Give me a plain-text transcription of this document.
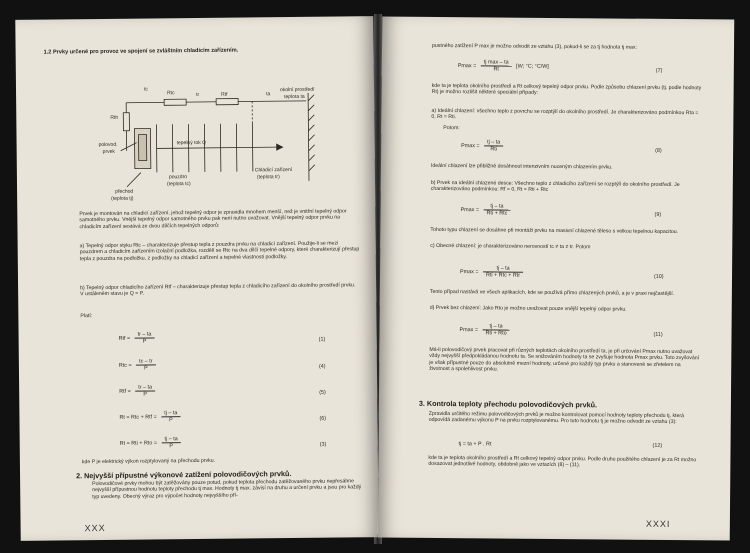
1.2 Prvky určené pro provoz ve spojení se zvláštním chladicím zařízením.
tc
Rtc	tr	Rtf	ta
okolní prostředí
teplota ta
Rth
polovod.
prvek
tepelný tok Q
pouzdro
(teplota tc)
Chladicí zařízení
(teplota tr)
přechod
(teplota tj)
Prvek je montován na chladicí zařízení, jehož tepelný odpor je zpravidla mnohem menší, než je vnitřní tepelný odpor samotného prvku. Vnější tepelný odpor samotného prvku pak není nutno uvažovat. Vnější tepelný odpor prvku na chladicím zařízení sestává ze dvou dílčích tepelných odporů:
a) Tepelný odpor styku Rtc – charakterizuje přestup tepla z pouzdra prvku na chladicí zařízení. Použije-li se mezi pouzdrem a chladicím zařízením izolační podložka, rozdělí se Rtc na dva dílčí tepelné odpory, které charakterizují přestup tepla z pouzdra na podložku, z podložky na chladicí zařízení a tepelné vlastnosti podložky.
b) Tepelný odpor chladicího zařízení Rtf – charakterizuje přestup tepla z chladicího zařízení do okolního prostředí prvku. V ustáleném stavu je Q = P.
Platí:
Rtf = $\frac{tr - ta}{P}$	(1)
Rtc = $\frac{tc - tr}{P}$	(4)
Rtf = $\frac{tr - ta}{P}$	(5)
Rt = Rtc + Rtf = $\frac{tj - ta}{P}$	(6)
Rt = Rti + Rto = $\frac{tj - ta}{P}$	(3)
kde P je elektrický výkon rozptylovaný na přechodu prvku.
2. Nejvyšší přípustné výkonové zatížení polovodičových prvků.
Polovodičové prvky mohou být zatěžovány pouze potud, pokud teplota přechodu zatěžovaného prvku nepřesáhne nejvyšší přípustnou hodnotu teploty přechodu tj max. Hodnoty tj max. závisí na druhu a určení prvku a jsou pro každý typ uvedeny. Obecný výraz pro výpočet hodnoty nejvyššího pří-
XXX
pustného zatížení P max je možno odvodit ze vztahu (3), pokud-li se za tj hodnota tj max:
$Pmax = \frac{\text{tj max – ta}}{Rt} [W$; °C; °C/W]
(7)
kde ta je teplota okolního prostředí a Rt celkový tepelný odpor prvku. Podle způsobu chlazení prvku (tj. podle hodnoty Rt) je možno rozlišit některé speciální případy:
a) Ideální chlazení: všechno teplo z povrchu se rozptýlí do okolního prostředí. Je charakterizováno podmínkou Rta = 0, Rt = Rti.
Potom:
$Pmax = \frac{tj - ta}{\text{Rti}}$	(8)
Ideální chlazení lze přibližně dosáhnout intenzivním nuceným chlazením prvku.
b) Prvek na ideální chlazené desce: Všechno teplo z chladicího zařízení se rozptýlí do okolního prostředí. Je charakterizováno podmínkou: Rf = 0, Rt = Rti + Rtc
$Pmax = \frac{tj - ta}{\text{Rti + Rtc}}$	(9)
Tohoto typu chlazení se dosáhne při montáži prvku na masivní chlazené těleso s velkou tepelnou kapacitou.
c) Obecné chlazení: je charakterizováno nerovností tc ≠ ta ≠ tr. Potom
$Pmax = \frac{tj - ta}{\text{Rti + Rtc + Rtr}}$	(10)
Tento případ nastává ve všech aplikacích, kde se používá přímo chlazených prvků, a je v praxi nejčastější.
d) Prvek bez chlazení: Jako Rto je možno uvažovat pouze vnější tepelný odpor prvku.
$Pmax = \frac{tj - ta}{\text{Rti + Rto}}$	(11)
Má-li polovodičový prvek pracovat při různých teplotách okolního prostředí ta, je při určování Pmax nutno uvažovat vždy nejvyšší předpokládanou hodnotu ta. Se snižováním hodnoty ta se zvyšuje hodnota Pmax prvku. Toto zvyšování je však přípustné pouze do absolutně mezní hodnoty, určené pro každý typ prvku a stanovené se zřetelem na životnost a spolehlivost prvku.
3. Kontrola teploty přechodu polovodičových prvků.
Zpravidla určitého režimu polovodičových prvků je možno kontrolovat pomocí hodnoty teploty přechodu tj, která odpovídá zadanému výkonu P na prvku rozptylovanému. Pro tuto hodnotu tj je možno odvodit ze vztahu (3):
tj = ta + P . Rt	(12)
kde ta je teplota okolního prostředí a Rt celkový tepelný odpor prvku. Podle druhu použitého chlazení je za Rt možno dosazovat jednotlivé hodnoty, obdobně jako ve vztazích (8) – (11).
XXXI
